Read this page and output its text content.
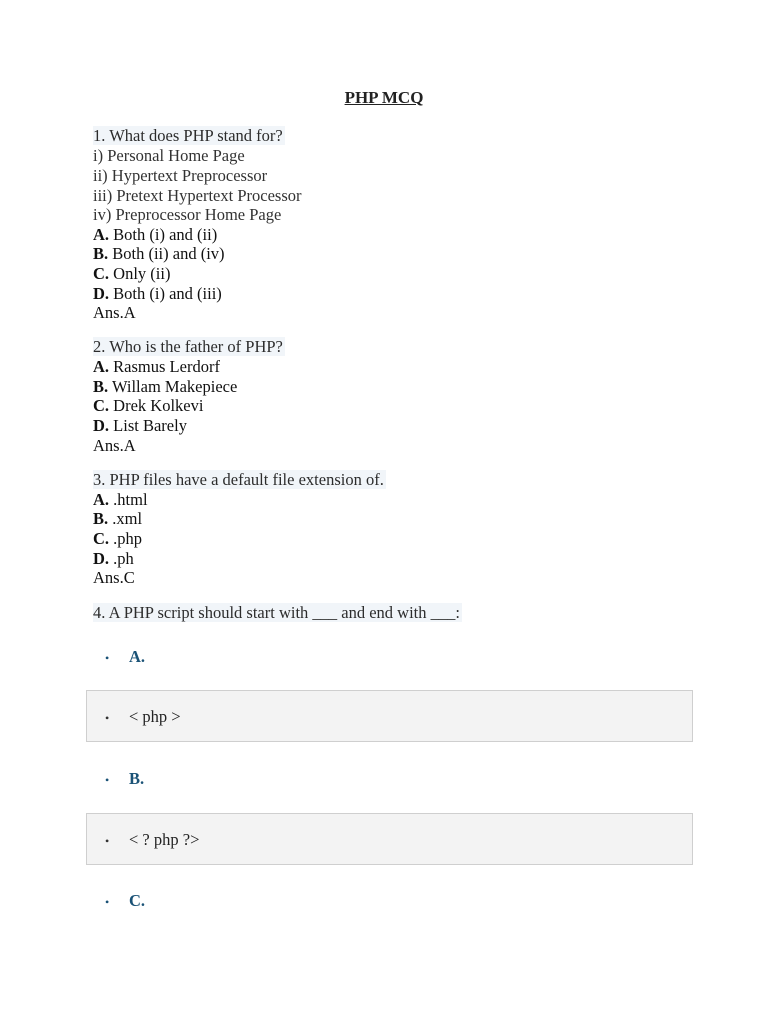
PHP MCQ
1. What does PHP stand for?
i) Personal Home Page
ii) Hypertext Preprocessor
iii) Pretext Hypertext Processor
iv) Preprocessor Home Page
A. Both (i) and (ii)
B. Both (ii) and (iv)
C. Only (ii)
D. Both (i) and (iii)
Ans.A
2. Who is the father of PHP?
A. Rasmus Lerdorf
B. Willam Makepiece
C. Drek Kolkevi
D. List Barely
Ans.A
3. PHP files have a default file extension of.
A. .html
B. .xml
C. .php
D. .ph
Ans.C
4. A PHP script should start with ___ and end with ___:
• A.
• < php >
• B.
• < ? php ?>
• C.
